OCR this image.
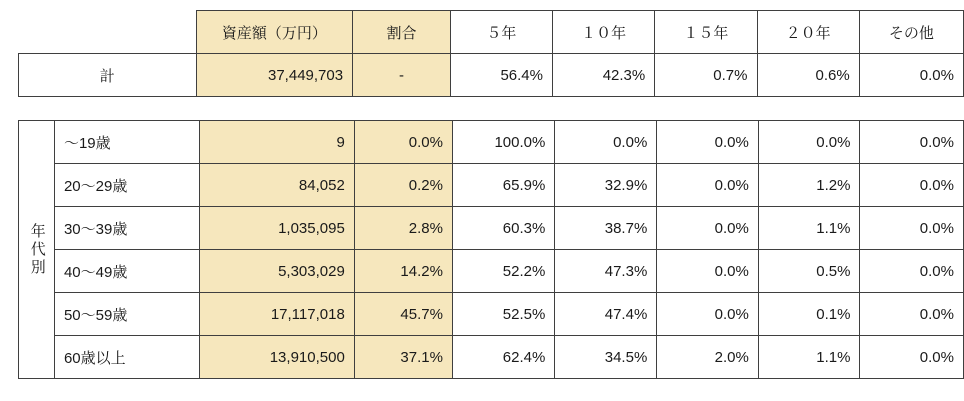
		資産額（万円）	割合	５年	１０年	１５年	２０年	その他
計		37,449,703	-	56.4%	42.3%	0.7%	0.6%	0.0%
年代別	～19歳	9	0.0%	100.0%	0.0%	0.0%	0.0%	0.0%
	20～29歳	84,052	0.2%	65.9%	32.9%	0.0%	1.2%	0.0%
	30～39歳	1,035,095	2.8%	60.3%	38.7%	0.0%	1.1%	0.0%
	40～49歳	5,303,029	14.2%	52.2%	47.3%	0.0%	0.5%	0.0%
	50～59歳	17,117,018	45.7%	52.5%	47.4%	0.0%	0.1%	0.0%
	60歳以上	13,910,500	37.1%	62.4%	34.5%	2.0%	1.1%	0.0%
